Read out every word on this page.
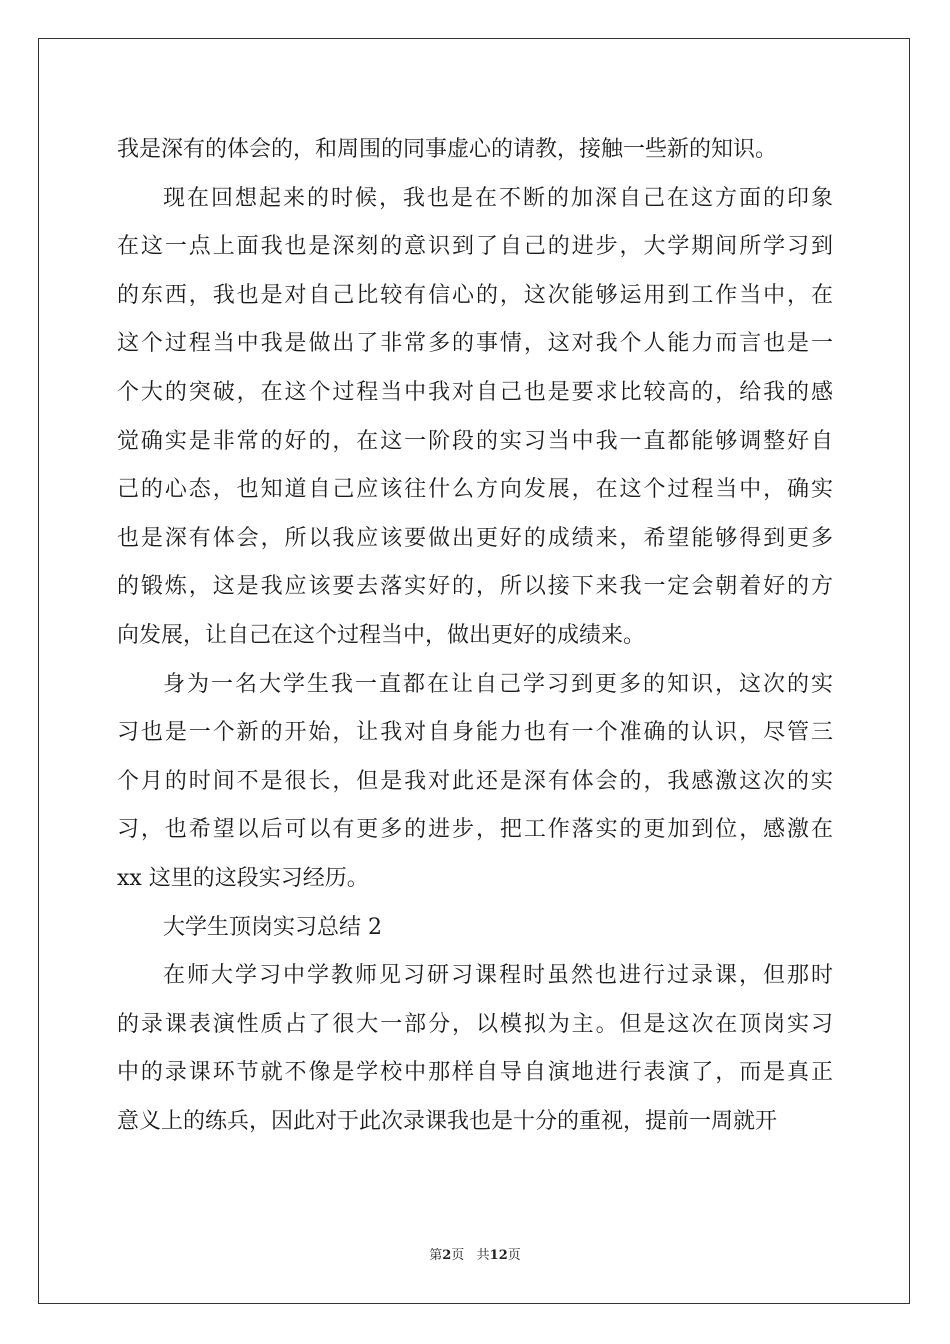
我是深有的体会的，和周围的同事虚心的请教，接触一些新的知识。
现在回想起来的时候，我也是在不断的加深自己在这方面的印象
在这一点上面我也是深刻的意识到了自己的进步，大学期间所学习到
的东西，我也是对自己比较有信心的，这次能够运用到工作当中，在
这个过程当中我是做出了非常多的事情，这对我个人能力而言也是一
个大的突破，在这个过程当中我对自己也是要求比较高的，给我的感
觉确实是非常的好的，在这一阶段的实习当中我一直都能够调整好自
己的心态，也知道自己应该往什么方向发展，在这个过程当中，确实
也是深有体会，所以我应该要做出更好的成绩来，希望能够得到更多
的锻炼，这是我应该要去落实好的，所以接下来我一定会朝着好的方
向发展，让自己在这个过程当中，做出更好的成绩来。
身为一名大学生我一直都在让自己学习到更多的知识，这次的实
习也是一个新的开始，让我对自身能力也有一个准确的认识，尽管三
个月的时间不是很长，但是我对此还是深有体会的，我感激这次的实
习，也希望以后可以有更多的进步，把工作落实的更加到位，感激在
xx 这里的这段实习经历。
大学生顶岗实习总结 2
在师大学习中学教师见习研习课程时虽然也进行过录课，但那时
的录课表演性质占了很大一部分，以模拟为主。但是这次在顶岗实习
中的录课环节就不像是学校中那样自导自演地进行表演了，而是真正
意义上的练兵，因此对于此次录课我也是十分的重视，提前一周就开
第2页   共12页
